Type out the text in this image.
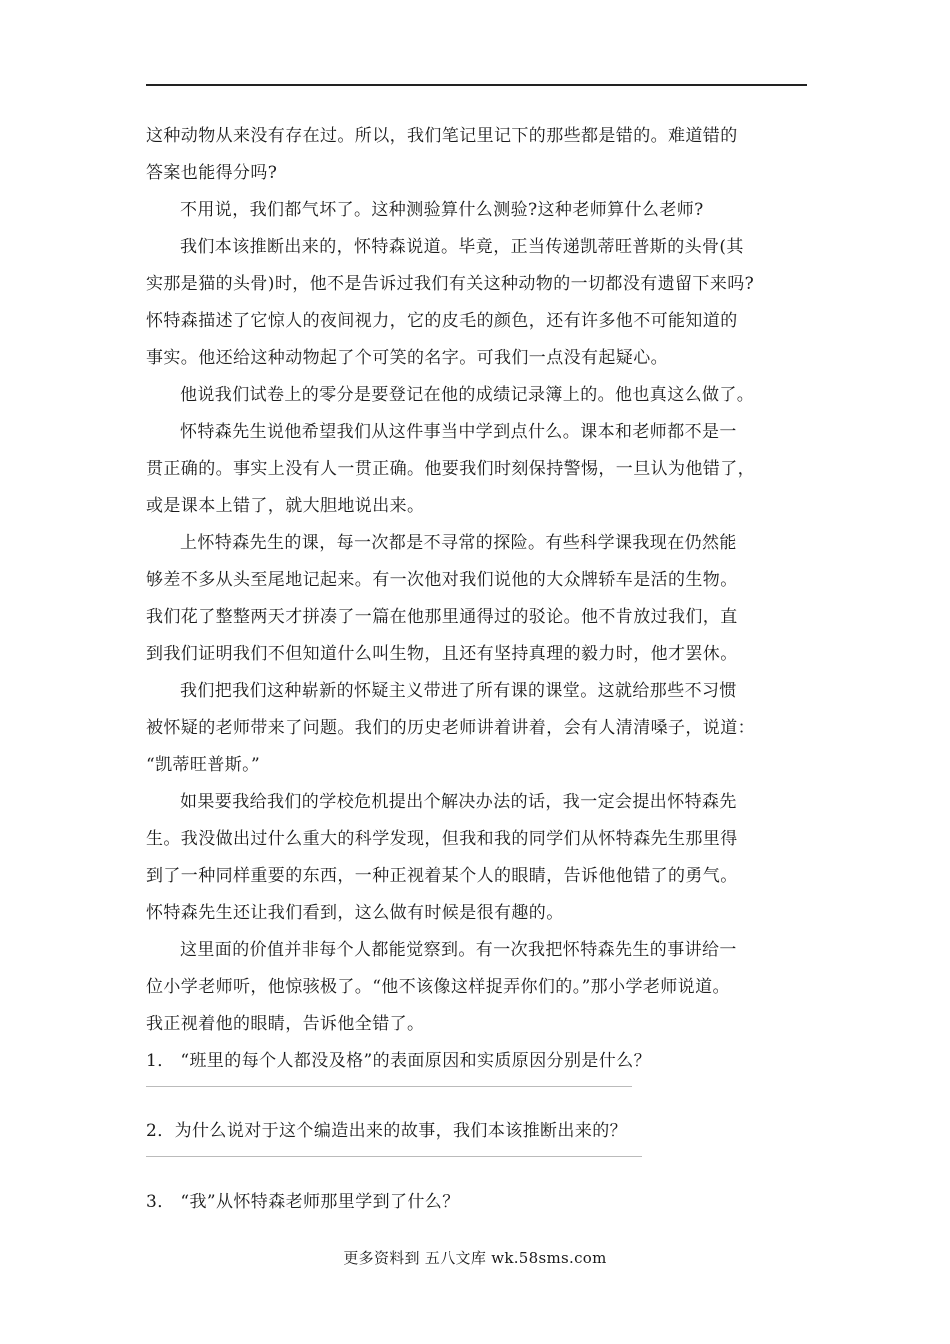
这种动物从来没有存在过。所以，我们笔记里记下的那些都是错的。难道错的
答案也能得分吗?
不用说，我们都气坏了。这种测验算什么测验?这种老师算什么老师?
我们本该推断出来的，怀特森说道。毕竟，正当传递凯蒂旺普斯的头骨(其
实那是猫的头骨)时，他不是告诉过我们有关这种动物的一切都没有遗留下来吗?
怀特森描述了它惊人的夜间视力，它的皮毛的颜色，还有许多他不可能知道的
事实。他还给这种动物起了个可笑的名字。可我们一点没有起疑心。
他说我们试卷上的零分是要登记在他的成绩记录簿上的。他也真这么做了。
怀特森先生说他希望我们从这件事当中学到点什么。课本和老师都不是一
贯正确的。事实上没有人一贯正确。他要我们时刻保持警惕，一旦认为他错了，
或是课本上错了，就大胆地说出来。
上怀特森先生的课，每一次都是不寻常的探险。有些科学课我现在仍然能
够差不多从头至尾地记起来。有一次他对我们说他的大众牌轿车是活的生物。
我们花了整整两天才拼凑了一篇在他那里通得过的驳论。他不肯放过我们，直
到我们证明我们不但知道什么叫生物，且还有坚持真理的毅力时，他才罢休。
我们把我们这种崭新的怀疑主义带进了所有课的课堂。这就给那些不习惯
被怀疑的老师带来了问题。我们的历史老师讲着讲着，会有人清清嗓子，说道：
“凯蒂旺普斯。”
如果要我给我们的学校危机提出个解决办法的话，我一定会提出怀特森先
生。我没做出过什么重大的科学发现，但我和我的同学们从怀特森先生那里得
到了一种同样重要的东西，一种正视着某个人的眼睛，告诉他他错了的勇气。
怀特森先生还让我们看到，这么做有时候是很有趣的。
这里面的价值并非每个人都能觉察到。有一次我把怀特森先生的事讲给一
位小学老师听，他惊骇极了。“他不该像这样捉弄你们的。”那小学老师说道。
我正视着他的眼睛，告诉他全错了。
1． “班里的每个人都没及格”的表面原因和实质原因分别是什么？
2．为什么说对于这个编造出来的故事，我们本该推断出来的？
3． “我”从怀特森老师那里学到了什么？
更多资料到 五八文库 wk.58sms.com
